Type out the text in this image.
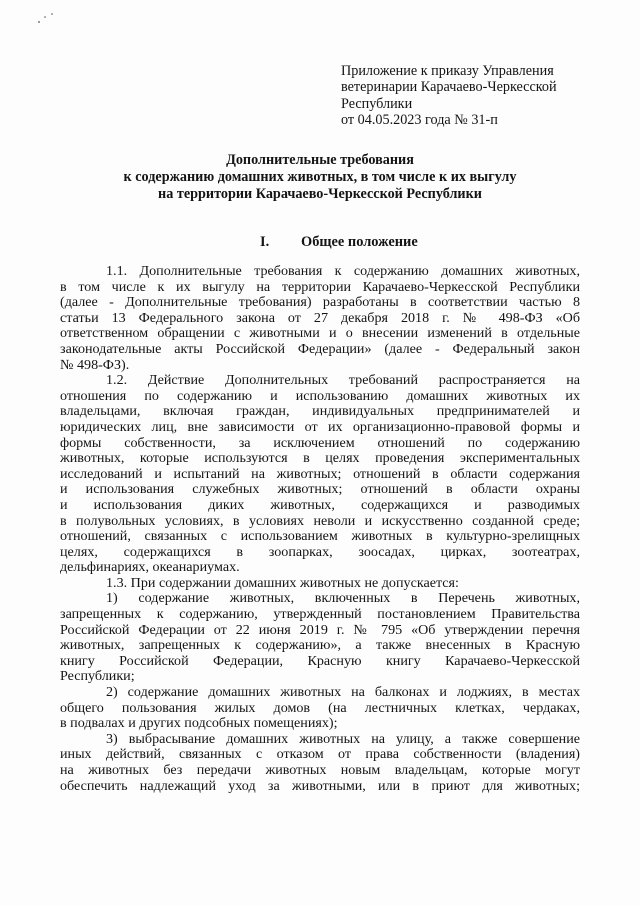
Приложение к приказу Управления
ветеринарии Карачаево-Черкесской
Республики
от 04.05.2023 года № 31-п
Дополнительные требования
к содержанию домашних животных, в том числе к их выгулу
на территории Карачаево-Черкесской Республики
I. Общее положение
1.1. Дополнительные требования к содержанию домашних животных,
в том числе к их выгулу на территории Карачаево-Черкесской Республики
(далее - Дополнительные требования) разработаны в соответствии частью 8
статьи 13 Федерального закона от 27 декабря 2018 г. № 498-ФЗ «Об
ответственном обращении с животными и о внесении изменений в отдельные
законодательные акты Российской Федерации» (далее - Федеральный закон
№ 498-ФЗ).
1.2. Действие Дополнительных требований распространяется на
отношения по содержанию и использованию домашних животных их
владельцами, включая граждан, индивидуальных предпринимателей и
юридических лиц, вне зависимости от их организационно-правовой формы и
формы собственности, за исключением отношений по содержанию
животных, которые используются в целях проведения экспериментальных
исследований и испытаний на животных; отношений в области содержания
и использования служебных животных; отношений в области охраны
и использования диких животных, содержащихся и разводимых
в полувольных условиях, в условиях неволи и искусственно созданной среде;
отношений, связанных с использованием животных в культурно-зрелищных
целях, содержащихся в зоопарках, зоосадах, цирках, зоотеатрах,
дельфинариях, океанариумах.
1.3. При содержании домашних животных не допускается:
1) содержание животных, включенных в Перечень животных,
запрещенных к содержанию, утвержденный постановлением Правительства
Российской Федерации от 22 июня 2019 г. № 795 «Об утверждении перечня
животных, запрещенных к содержанию», а также внесенных в Красную
книгу Российской Федерации, Красную книгу Карачаево-Черкесской
Республики;
2) содержание домашних животных на балконах и лоджиях, в местах
общего пользования жилых домов (на лестничных клетках, чердаках,
в подвалах и других подсобных помещениях);
3) выбрасывание домашних животных на улицу, а также совершение
иных действий, связанных с отказом от права собственности (владения)
на животных без передачи животных новым владельцам, которые могут
обеспечить надлежащий уход за животными, или в приют для животных;
